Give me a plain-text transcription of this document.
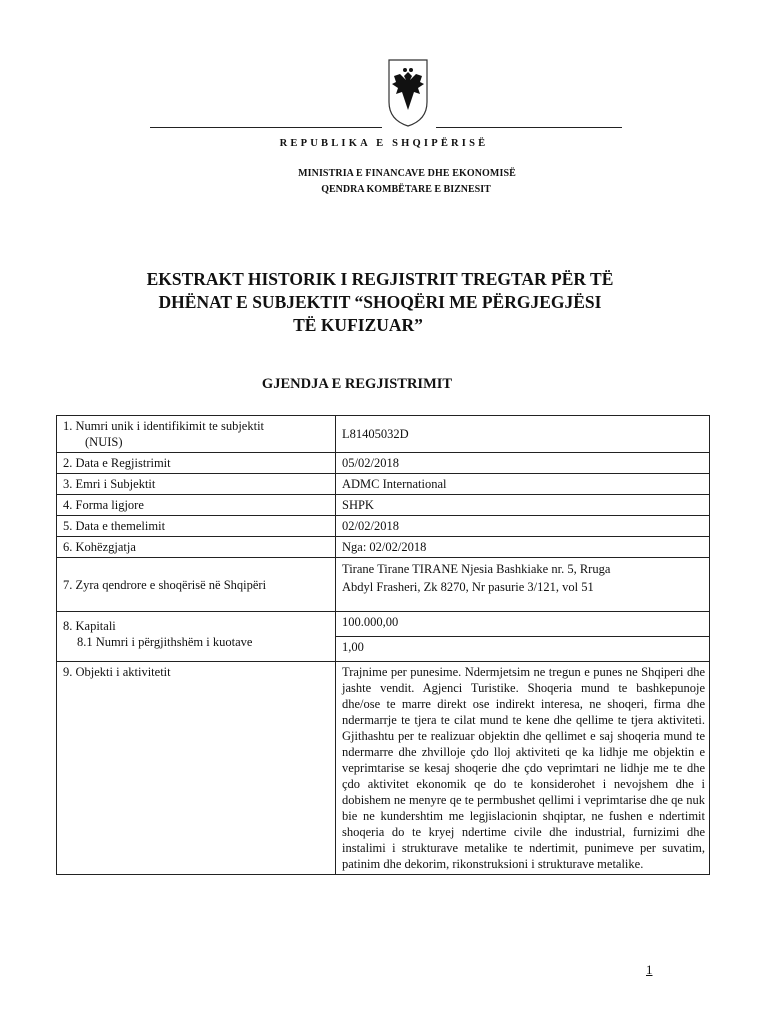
REPUBLIKA E SHQIPËRISË
MINISTRIA E FINANCAVE DHE EKONOMISË
QENDRA KOMBËTARE E BIZNESIT
EKSTRAKT HISTORIK I REGJISTRIT TREGTAR PËR TË
DHËNAT E SUBJEKTIT “SHOQËRI ME PËRGJEGJËSI
TË KUFIZUAR”
GJENDJA E REGJISTRIMIT
1. Numri unik i identifikimit te subjektit
(NUIS)	L81405032D
2. Data e Regjistrimit	05/02/2018
3. Emri i Subjektit	ADMC International
4. Forma ligjore	SHPK
5. Data e themelimit	02/02/2018
6. Kohëzgjatja	Nga: 02/02/2018
7. Zyra qendrore e shoqërisë në Shqipëri	Tirane Tirane TIRANE Njesia Bashkiake nr. 5, Rruga
Abdyl Frasheri, Zk 8270, Nr pasurie 3/121, vol 51

8. Kapitali
8.1 Numri i përgjithshëm i kuotave	100.000,00
	1,00
9. Objekti i aktivitetit	Trajnime per punesime. Ndermjetsim ne tregun e punes ne Shqiperi dhe jashte vendit. Agjenci Turistike. Shoqeria mund te bashkepunoje dhe/ose te marre direkt ose indirekt interesa, ne shoqeri, firma dhe ndermarrje te tjera te cilat mund te kene dhe qellime te tjera aktiviteti. Gjithashtu per te realizuar objektin dhe qellimet e saj shoqeria mund te ndermarre dhe zhvilloje çdo lloj aktiviteti qe ka lidhje me objektin e veprimtarise se kesaj shoqerie dhe çdo veprimtari ne lidhje me te dhe çdo aktivitet ekonomik qe do te konsiderohet i nevojshem dhe i dobishem ne menyre qe te permbushet qellimi i veprimtarise dhe qe nuk bie ne kundershtim me legjislacionin shqiptar, ne fushen e ndertimit shoqeria do te kryej ndertime civile dhe industrial, furnizimi dhe instalimi i strukturave metalike te ndertimit, punimeve per suvatim, patinim dhe dekorim, rikonstruksioni i strukturave metalike.
1
